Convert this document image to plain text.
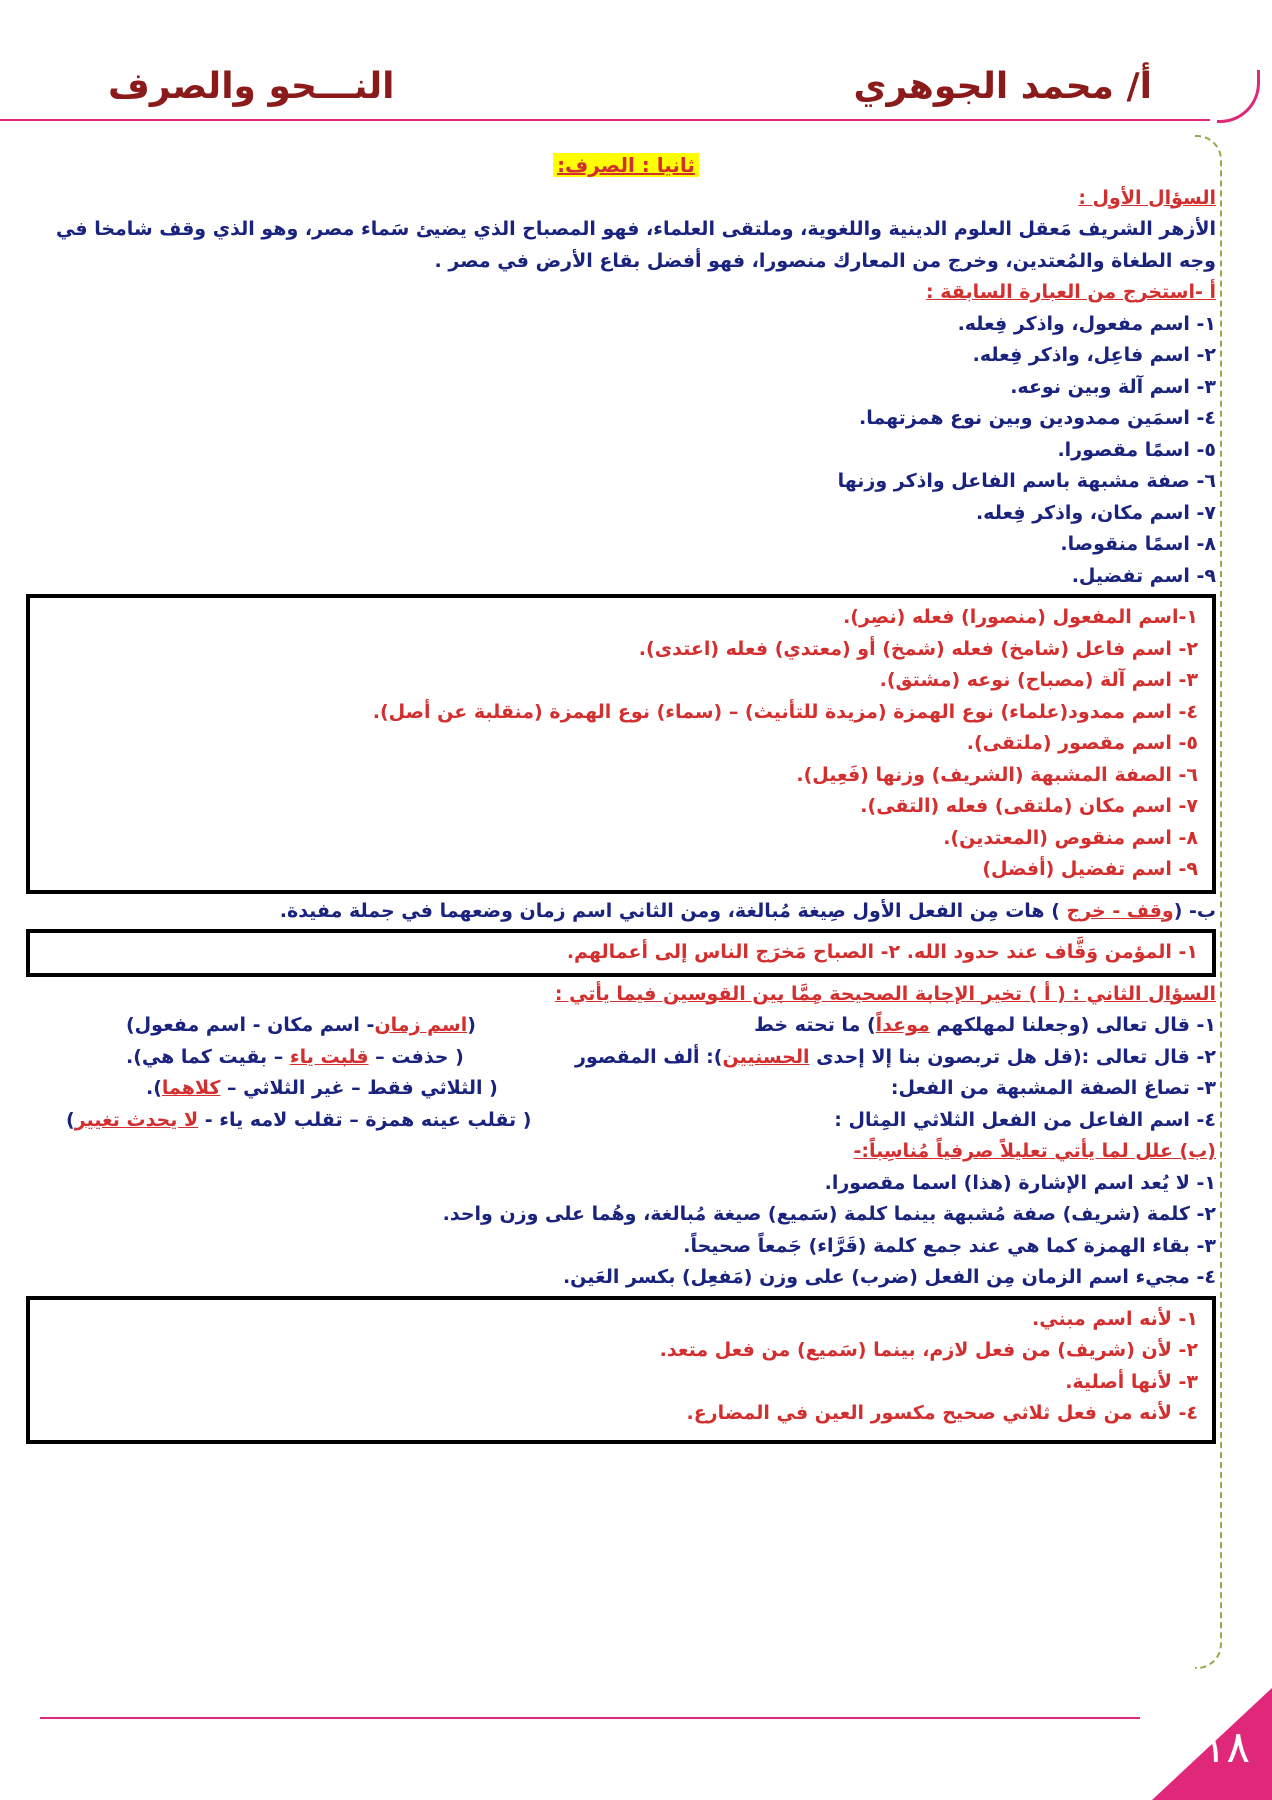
أ/ محمد الجوهري
النـــحو والصرف
ثانيا : الصرف:
السؤال الأول :
الأزهر الشريف مَعقل العلوم الدينية واللغوية، وملتقى العلماء، فهو المصباح الذي يضيئ سَماء مصر، وهو الذي وقف شامخا في
وجه الطغاة والمُعتدين، وخرج من المعارك منصورا، فهو أفضل بقاع الأرض في مصر .
أ -استخرج من العبارة السابقة :
١- اسم مفعول، واذكر فِعله.
٢- اسم فاعِل، واذكر فِعله.
٣- اسم آلة وبين نوعه.
٤- اسمَين ممدودين وبين نوع همزتهما.
٥- اسمًا مقصورا.
٦- صفة مشبهة باسم الفاعل واذكر وزنها
٧- اسم مكان، واذكر فِعله.
٨- اسمًا منقوصا.
٩- اسم تفضيل.
١-اسم المفعول (منصورا) فعله (نصِر).
٢- اسم فاعل (شامخ) فعله (شمخ) أو (معتدي) فعله (اعتدى).
٣- اسم آلة (مصباح) نوعه (مشتق).
٤- اسم ممدود(علماء) نوع الهمزة (مزيدة للتأنيث) – (سماء) نوع الهمزة (منقلبة عن أصل).
٥- اسم مقصور (ملتقى).
٦- الصفة المشبهة (الشريف) وزنها (فَعِيل).
٧- اسم مكان (ملتقى) فعله (التقى).
٨- اسم منقوص (المعتدين).
٩- اسم تفضيل (أفضل)
ب- (وقف - خرج ) هات مِن الفعل الأول صِيغة مُبالغة، ومن الثاني اسم زمان وضعهما في جملة مفيدة.
١- المؤمن وَقَّاف عند حدود الله. ٢- الصباح مَخرَج الناس إلى أعمالهم.
السؤال الثاني : ( أ ) تخير الإجابة الصحيحة مِمَّا بين القوسين فيما يأتي :
١- قال تعالى (وجعلنا لمهلكهم موعداً) ما تحته خط
(اسم زمان- اسم مكان - اسم مفعول)
٢- قال تعالى :(قل هل تربصون بنا إلا إحدى الحسنيين): ألف المقصور
( حذفت – قلبت ياء – بقيت كما هي).
٣- تصاغ الصفة المشبهة من الفعل:
( الثلاثي فقط – غير الثلاثي – كلاهما).
٤- اسم الفاعل من الفعل الثلاثي المِثال :
( تقلب عينه همزة – تقلب لامه ياء - لا يحدث تغيير)
(ب) علل لما يأتي تعليلاً صرفياً مُناسِباً:-
١- لا يُعد اسم الإشارة (هذا) اسما مقصورا.
٢- كلمة (شريف) صفة مُشبهة بينما كلمة (سَميع) صيغة مُبالغة، وهُما على وزن واحد.
٣- بقاء الهمزة كما هي عند جمع كلمة (قَرَّاء) جَمعاً صحيحاً.
٤- مجيء اسم الزمان مِن الفعل (ضرب) على وزن (مَفعِل) بكسر العَين.
١- لأنه اسم مبني.
٢- لأن (شريف) من فعل لازم، بينما (سَميع) من فعل متعد.
٣- لأنها أصلية.
٤- لأنه من فعل ثلاثي صحيح مكسور العين في المضارع.
١٨
